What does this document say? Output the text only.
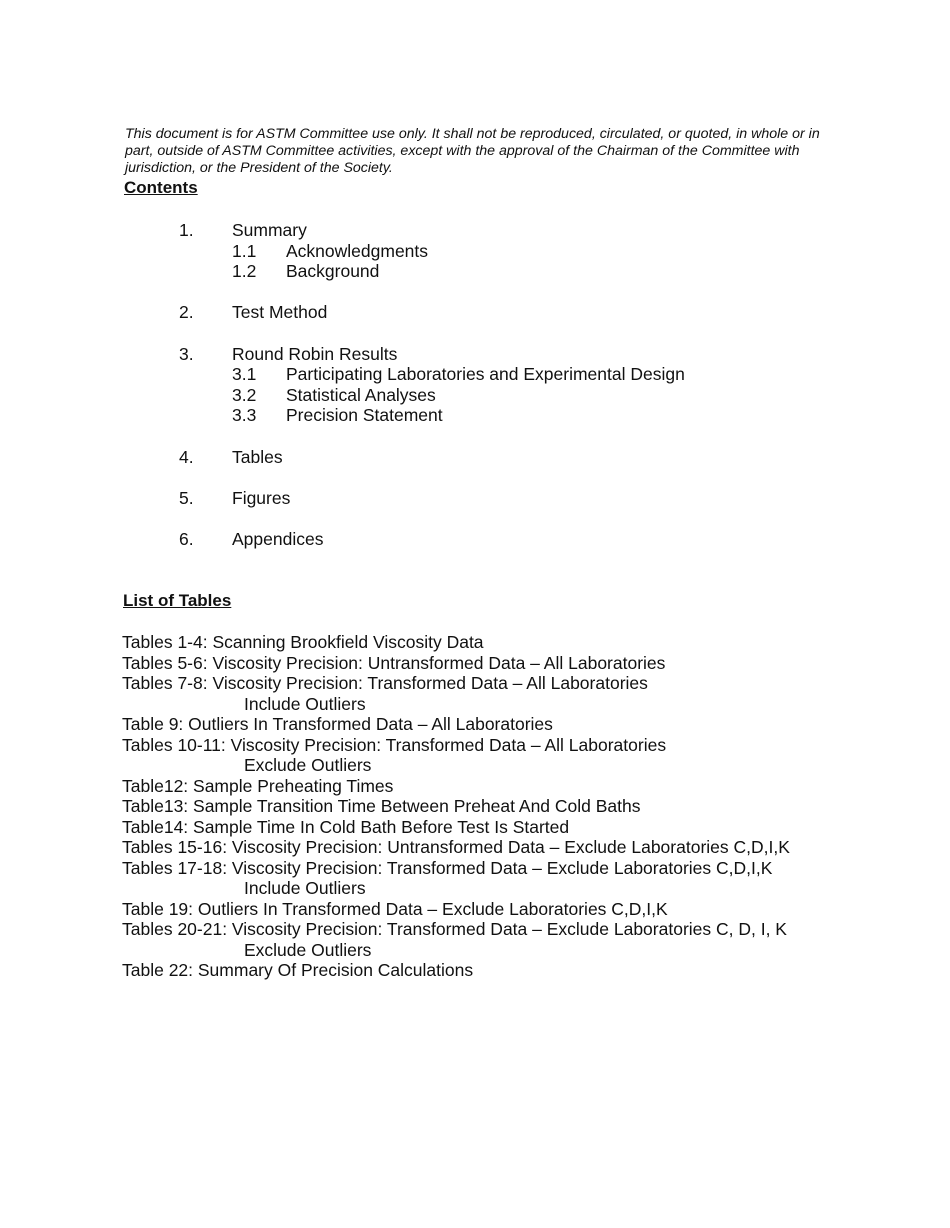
This document is for ASTM Committee use only. It shall not be reproduced, circulated, or quoted, in whole or in part, outside of ASTM Committee activities, except with the approval of the Chairman of the Committee with jurisdiction, or the President of the Society.

Contents
1. Summary
1.1 Acknowledgments
1.2 Background
2. Test Method
3. Round Robin Results
3.1 Participating Laboratories and Experimental Design
3.2 Statistical Analyses
3.3 Precision Statement
4. Tables
5. Figures
6. Appendices
List of Tables
Tables 1-4: Scanning Brookfield Viscosity Data
Tables 5-6: Viscosity Precision: Untransformed Data – All Laboratories
Tables 7-8: Viscosity Precision: Transformed Data – All Laboratories
Include Outliers
Table 9: Outliers In Transformed Data – All Laboratories
Tables 10-11: Viscosity Precision: Transformed Data – All Laboratories
Exclude Outliers
Table12: Sample Preheating Times
Table13: Sample Transition Time Between Preheat And Cold Baths
Table14: Sample Time In Cold Bath Before Test Is Started
Tables 15-16: Viscosity Precision: Untransformed Data – Exclude Laboratories C,D,I,K
Tables 17-18: Viscosity Precision: Transformed Data – Exclude Laboratories C,D,I,K
Include Outliers
Table 19: Outliers In Transformed Data – Exclude Laboratories C,D,I,K
Tables 20-21: Viscosity Precision: Transformed Data – Exclude Laboratories C, D, I, K
Exclude Outliers
Table 22: Summary Of Precision Calculations
